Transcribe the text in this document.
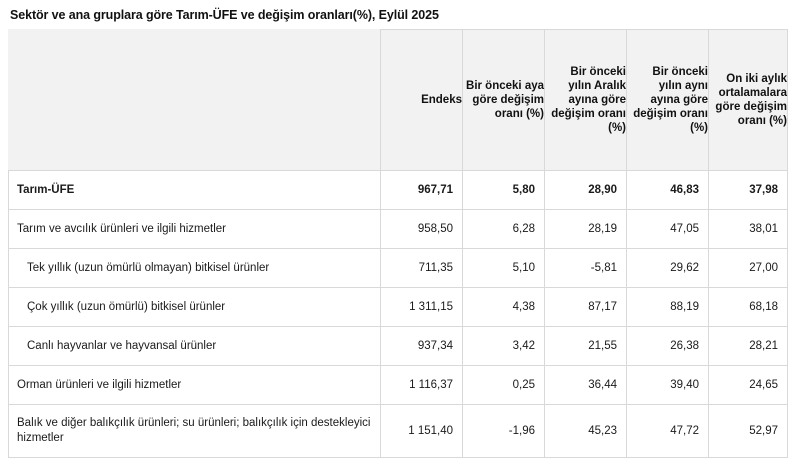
Sektör ve ana gruplara göre Tarım-ÜFE ve değişim oranları(%), Eylül 2025
	Endeks	Bir önceki aya göre değişim oranı (%)	Bir önceki yılın Aralık ayına göre değişim oranı (%)	Bir önceki yılın aynı ayına göre değişim oranı (%)	On iki aylık ortalamalara göre değişim oranı (%)
Tarım-ÜFE	967,71	5,80	28,90	46,83	37,98
Tarım ve avcılık ürünleri ve ilgili hizmetler	958,50	6,28	28,19	47,05	38,01
Tek yıllık (uzun ömürlü olmayan) bitkisel ürünler	711,35	5,10	-5,81	29,62	27,00
Çok yıllık (uzun ömürlü) bitkisel ürünler	1 311,15	4,38	87,17	88,19	68,18
Canlı hayvanlar ve hayvansal ürünler	937,34	3,42	21,55	26,38	28,21
Orman ürünleri ve ilgili hizmetler	1 116,37	0,25	36,44	39,40	24,65
Balık ve diğer balıkçılık ürünleri; su ürünleri; balıkçılık için destekleyici hizmetler	1 151,40	-1,96	45,23	47,72	52,97
